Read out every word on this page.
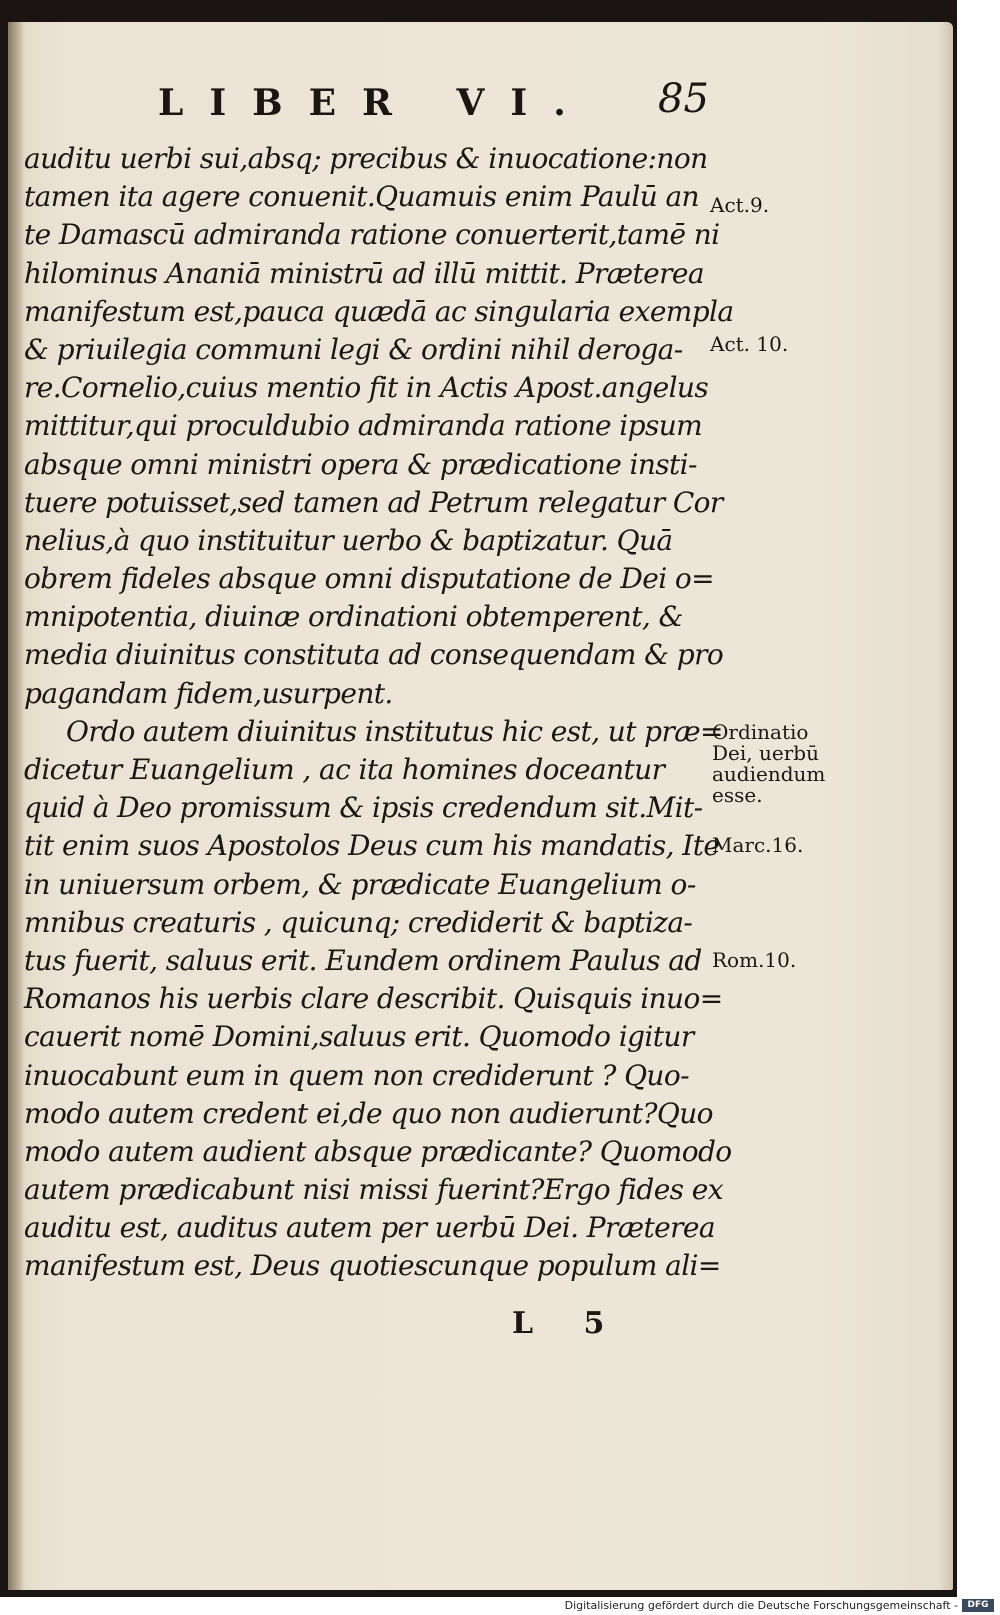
LIBER VI. 85
auditu uerbi sui,absq; precibus & inuocatione:non
tamen ita agere conuenit.Quamuis enim Paulū an
te Damascū admiranda ratione conuerterit,tamē ni
hilominus Ananiā ministrū ad illū mittit. Præterea
manifestum est,pauca quædā ac singularia exempla
& priuilegia communi legi & ordini nihil deroga-
re.Cornelio,cuius mentio fit in Actis Apost.angelus
mittitur,qui proculdubio admiranda ratione ipsum
absque omni ministri opera & prædicatione insti-
tuere potuisset,sed tamen ad Petrum relegatur Cor
nelius,à quo instituitur uerbo & baptizatur. Quā
obrem fideles absque omni disputatione de Dei o=
mnipotentia, diuinæ ordinationi obtemperent, &
media diuinitus constituta ad consequendam & pro
pagandam fidem,usurpent.
Ordo autem diuinitus institutus hic est, ut præ=
dicetur Euangelium , ac ita homines doceantur
quid à Deo promissum & ipsis credendum sit.Mit-
tit enim suos Apostolos Deus cum his mandatis, Ite
in uniuersum orbem, & prædicate Euangelium o-
mnibus creaturis , quicunq; crediderit & baptiza-
tus fuerit, saluus erit. Eundem ordinem Paulus ad
Romanos his uerbis clare describit. Quisquis inuo=
cauerit nomē Domini,saluus erit. Quomodo igitur
inuocabunt eum in quem non crediderunt ? Quo-
modo autem credent ei,de quo non audierunt?Quo
modo autem audient absque prædicante? Quomodo
autem prædicabunt nisi missi fuerint?Ergo fides ex
auditu est, auditus autem per uerbū Dei. Præterea
manifestum est, Deus quotiescunque populum ali=
Act.9.
Act. 10.
Ordinatio
Dei, uerbū
audiendum
esse.
Marc.16.
Rom.10.
L 5
Digitalisierung gefördert durch die Deutsche Forschungsgemeinschaft -	DFG
